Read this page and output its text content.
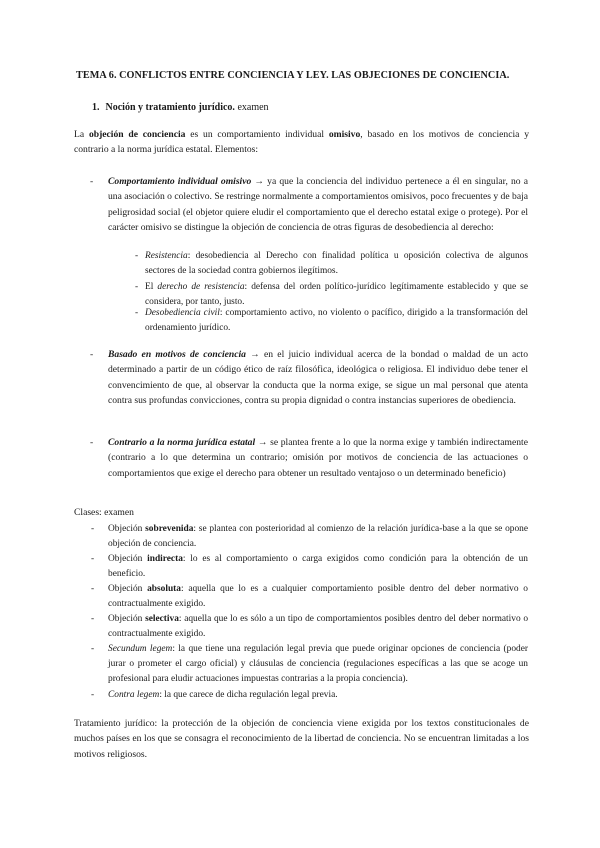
TEMA 6. CONFLICTOS ENTRE CONCIENCIA Y LEY. LAS OBJECIONES DE CONCIENCIA.
1. Noción y tratamiento jurídico. examen
La objeción de conciencia es un comportamiento individual omisivo, basado en los motivos de conciencia y contrario a la norma jurídica estatal. Elementos:
- Comportamiento individual omisivo → ya que la conciencia del individuo pertenece a él en singular, no a una asociación o colectivo. Se restringe normalmente a comportamientos omisivos, poco frecuentes y de baja peligrosidad social (el objetor quiere eludir el comportamiento que el derecho estatal exige o protege). Por el carácter omisivo se distingue la objeción de conciencia de otras figuras de desobediencia al derecho:
- Resistencia: desobediencia al Derecho con finalidad política u oposición colectiva de algunos sectores de la sociedad contra gobiernos ilegítimos.
- El derecho de resistencia: defensa del orden político-jurídico legítimamente establecido y que se considera, por tanto, justo.
- Desobediencia civil: comportamiento activo, no violento o pacífico, dirigido a la transformación del ordenamiento jurídico.
- Basado en motivos de conciencia → en el juicio individual acerca de la bondad o maldad de un acto determinado a partir de un código ético de raíz filosófica, ideológica o religiosa. El individuo debe tener el convencimiento de que, al observar la conducta que la norma exige, se sigue un mal personal que atenta contra sus profundas convicciones, contra su propia dignidad o contra instancias superiores de obediencia.
- Contrario a la norma jurídica estatal → se plantea frente a lo que la norma exige y también indirectamente (contrario a lo que determina un contrario; omisión por motivos de conciencia de las actuaciones o comportamientos que exige el derecho para obtener un resultado ventajoso o un determinado beneficio)
Clases: examen
- Objeción sobrevenida: se plantea con posterioridad al comienzo de la relación jurídica-base a la que se opone objeción de conciencia.
- Objeción indirecta: lo es al comportamiento o carga exigidos como condición para la obtención de un beneficio.
- Objeción absoluta: aquella que lo es a cualquier comportamiento posible dentro del deber normativo o contractualmente exigido.
- Objeción selectiva: aquella que lo es sólo a un tipo de comportamientos posibles dentro del deber normativo o contractualmente exigido.
- Secundum legem: la que tiene una regulación legal previa que puede originar opciones de conciencia (poder jurar o prometer el cargo oficial) y cláusulas de conciencia (regulaciones específicas a las que se acoge un profesional para eludir actuaciones impuestas contrarias a la propia conciencia).
- Contra legem: la que carece de dicha regulación legal previa.
Tratamiento jurídico: la protección de la objeción de conciencia viene exigida por los textos constitucionales de muchos países en los que se consagra el reconocimiento de la libertad de conciencia. No se encuentran limitadas a los motivos religiosos.
